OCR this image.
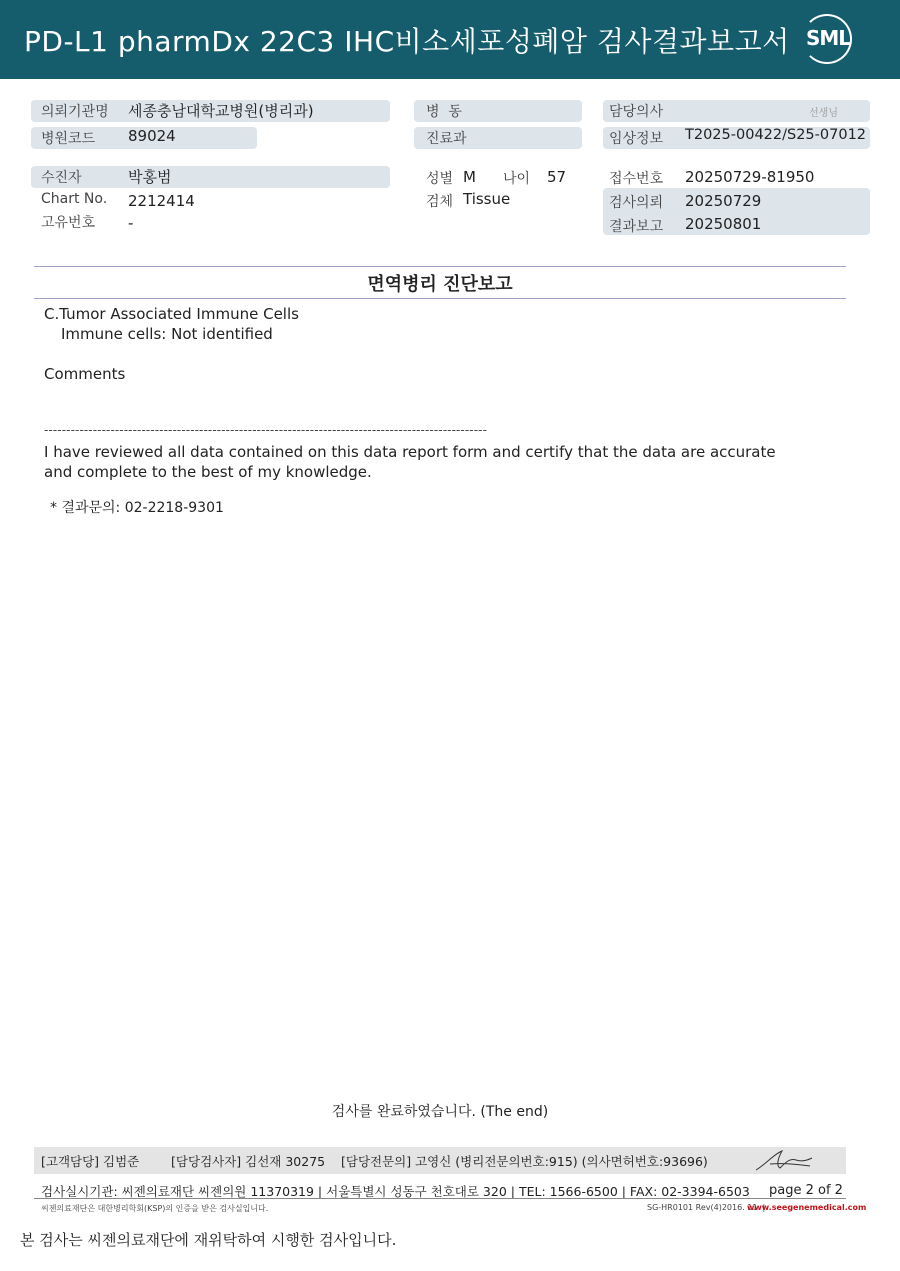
PD-L1 pharmDx 22C3 IHC비소세포성폐암 검사결과보고서 SML
의뢰기관명 세종충남대학교병원(병리과)
병원코드 89024
병  동
진료과
담당의사	선생님
임상정보 T2025-00422/S25-07012
수진자	박홍범
Chart No. 2212414
고유번호 -
성별 M 나이 57
검체 Tissue
접수번호 20250729-81950
검사의뢰 20250729
결과보고 20250801
면역병리 진단보고
C.Tumor Associated Immune Cells
Immune cells: Not identified
Comments
----------------------------------------------------------------------------------------------------
I have reviewed all data contained on this data report form and certify that the data are accurate
and complete to the best of my knowledge.
* 결과문의: 02-2218-9301
검사를 완료하였습니다. (The end)
[고객담당] 김범준        [담당검사자] 김선재 30275    [담당전문의] 고영신 (병리전문의번호:915) (의사면허번호:93696)
검사실시기관: 씨젠의료재단 씨젠의원 11370319 | 서울특별시 성동구 천호대로 320 | TEL: 1566-6500 | FAX: 02-3394-6503 page 2 of 2
씨젠의료재단은 대한병리학회(KSP)의 인증을 받은 검사실입니다.	SG-HR0101 Rev(4)2016. 11  |
www.seegenemedical.com
본 검사는 씨젠의료재단에 재위탁하여 시행한 검사입니다.
